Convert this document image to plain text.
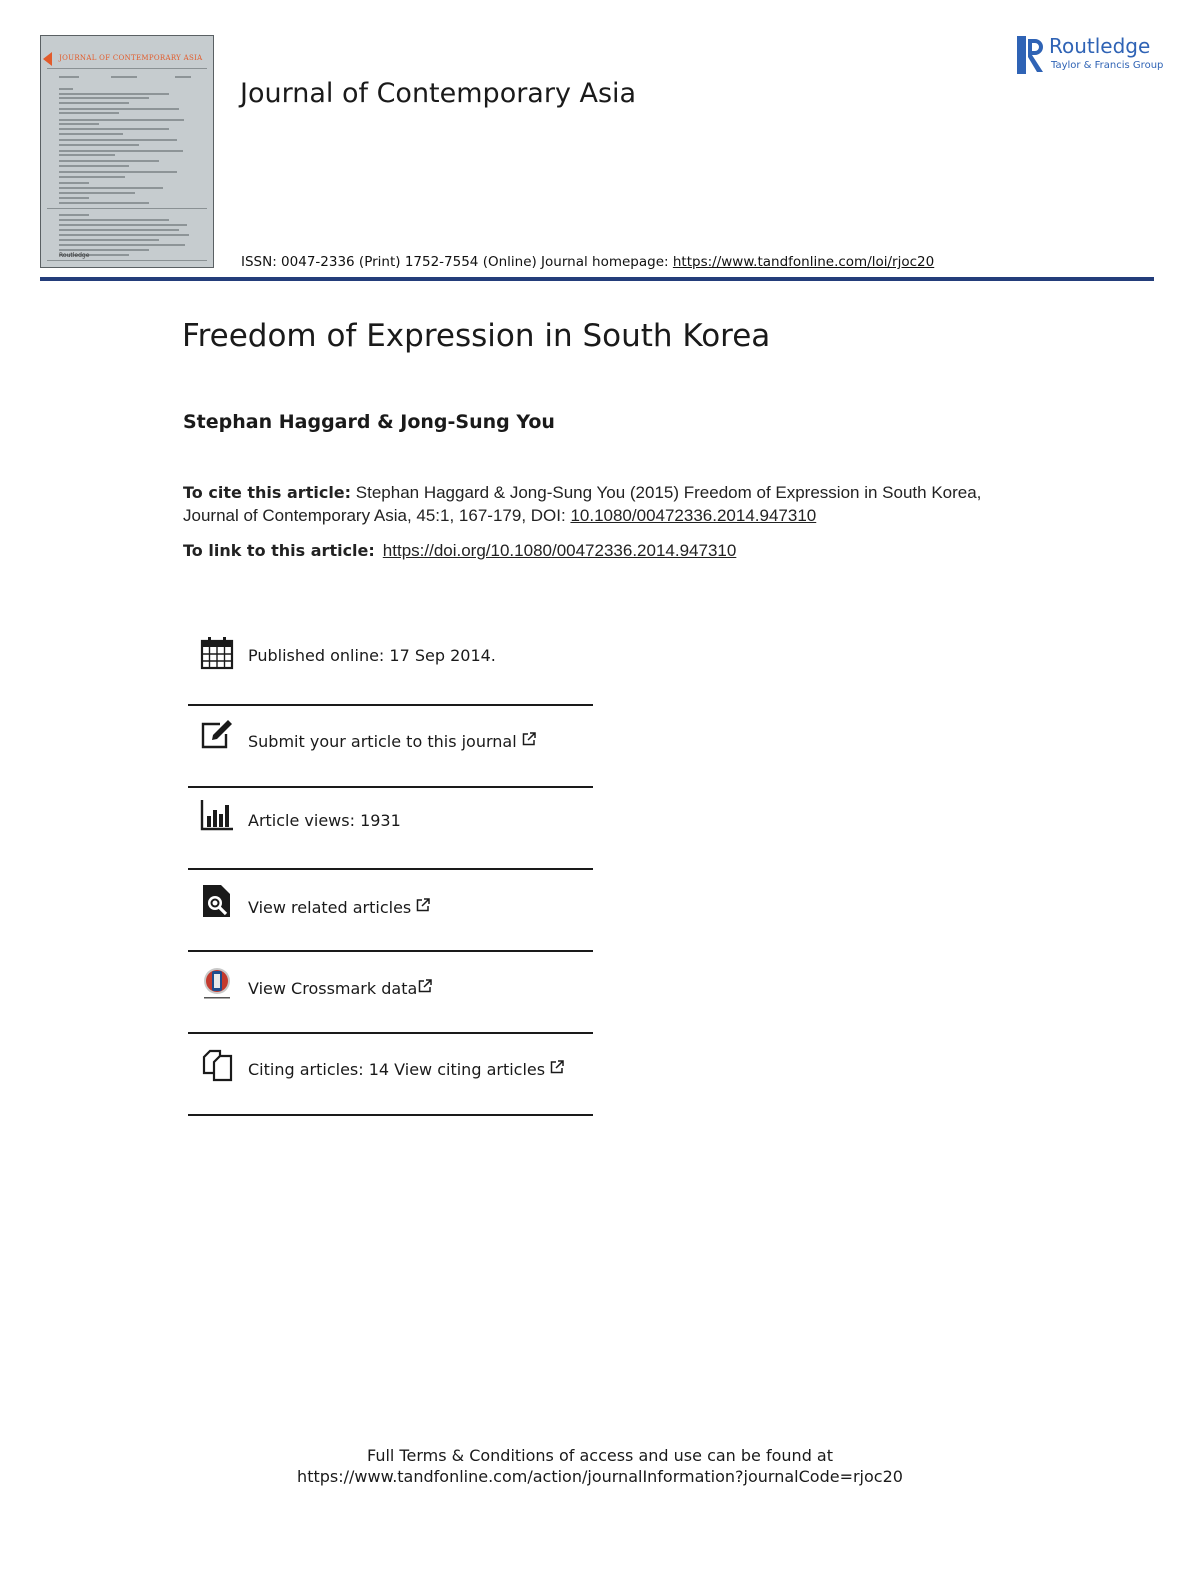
JOURNAL OF CONTEMPORARY ASIA
Routledge
Journal of Contemporary Asia
Routledge
Taylor & Francis Group
ISSN: 0047-2336 (Print) 1752-7554 (Online) Journal homepage: https://www.tandfonline.com/loi/rjoc20
Freedom of Expression in South Korea
Stephan Haggard & Jong-Sung You
To cite this article: Stephan Haggard & Jong-Sung You (2015) Freedom of Expression in South Korea, Journal of Contemporary Asia, 45:1, 167-179, DOI: 10.1080/00472336.2014.947310
To link to this article: https://doi.org/10.1080/00472336.2014.947310
Published online: 17 Sep 2014.
Submit your article to this journal
Article views: 1931
View related articles
View Crossmark data
Citing articles: 14 View citing articles
Full Terms & Conditions of access and use can be found at
https://www.tandfonline.com/action/journalInformation?journalCode=rjoc20
